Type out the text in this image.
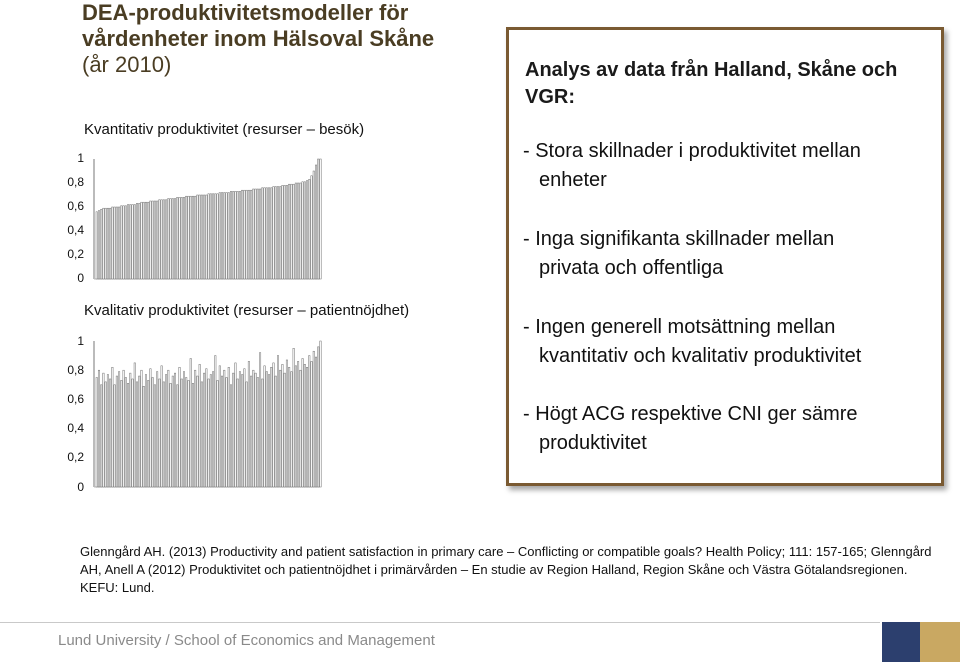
DEA-produktivitetsmodeller för vårdenheter inom Hälsoval Skåne
(år 2010)
Kvantitativ produktivitet (resurser – besök)
0
0,2
0,4
0,6
0,8
1
Kvalitativ produktivitet (resurser – patientnöjdhet)
0
0,2
0,4
0,6
0,8
1
Analys av data från Halland, Skåne och VGR:
- Stora skillnader i produktivitet mellan
enheter
- Inga signifikanta skillnader mellan
privata och offentliga
- Ingen generell motsättning mellan
kvantitativ och kvalitativ produktivitet
- Högt ACG respektive CNI ger sämre
produktivitet
Glenngård AH. (2013) Productivity and patient satisfaction in primary care – Conflicting or compatible goals? Health Policy; 111: 157-165; Glenngård AH, Anell A (2012) Produktivitet och patientnöjdhet i primärvården – En studie av Region Halland, Region Skåne och Västra Götalandsregionen. KEFU: Lund.
Lund University / School of Economics and Management
